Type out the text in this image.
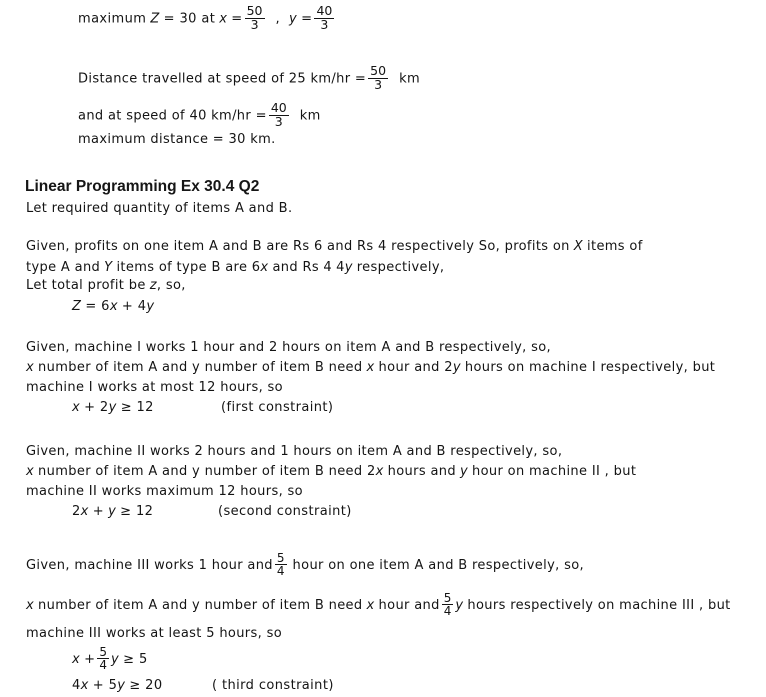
maximum Z = 30 at $x = \frac{50}{3}$ , $y = \frac{40}{3}$
Distance travelled at speed of 25 $km/hr = \frac{50}{3}$ km
and at speed of 40 $km/hr = \frac{40}{3}$ km
maximum distance = 30 km.
Linear Programming Ex 30.4 Q2
Let required quantity of items A and B.
Given, profits on one item A and B are Rs 6 and Rs 4 respectively So, profits on X items of
type A and Y items of type B are 6x and Rs 4 4y respectively,
Let total profit be z, so,
Z = 6x + 4y
Given, machine I works 1 hour and 2 hours on item A and B respectively, so,
x number of item A and y number of item B need x hour and 2y hours on machine I respectively, but
machine I works at most 12 hours, so
x + 2y ≥ 12	(first constraint)
Given, machine II works 2 hours and 1 hours on item A and B respectively, so,
x number of item A and y number of item B need 2x hours and y hour on machine II , but
machine II works maximum 12 hours, so
2x + y ≥ 12	(second constraint)
Given, machine III works 1 hour and $\frac{5}{4}$ hour on one item A and B respectively, so,
x number of item A and y number of item B need x hour and $\frac{5}{4}$ y hours respectively on machine III , but
machine III works at least 5 hours, so
$x + \frac{5}{4}$ y ≥ 5
4x + 5y ≥ 20	( third constraint)
